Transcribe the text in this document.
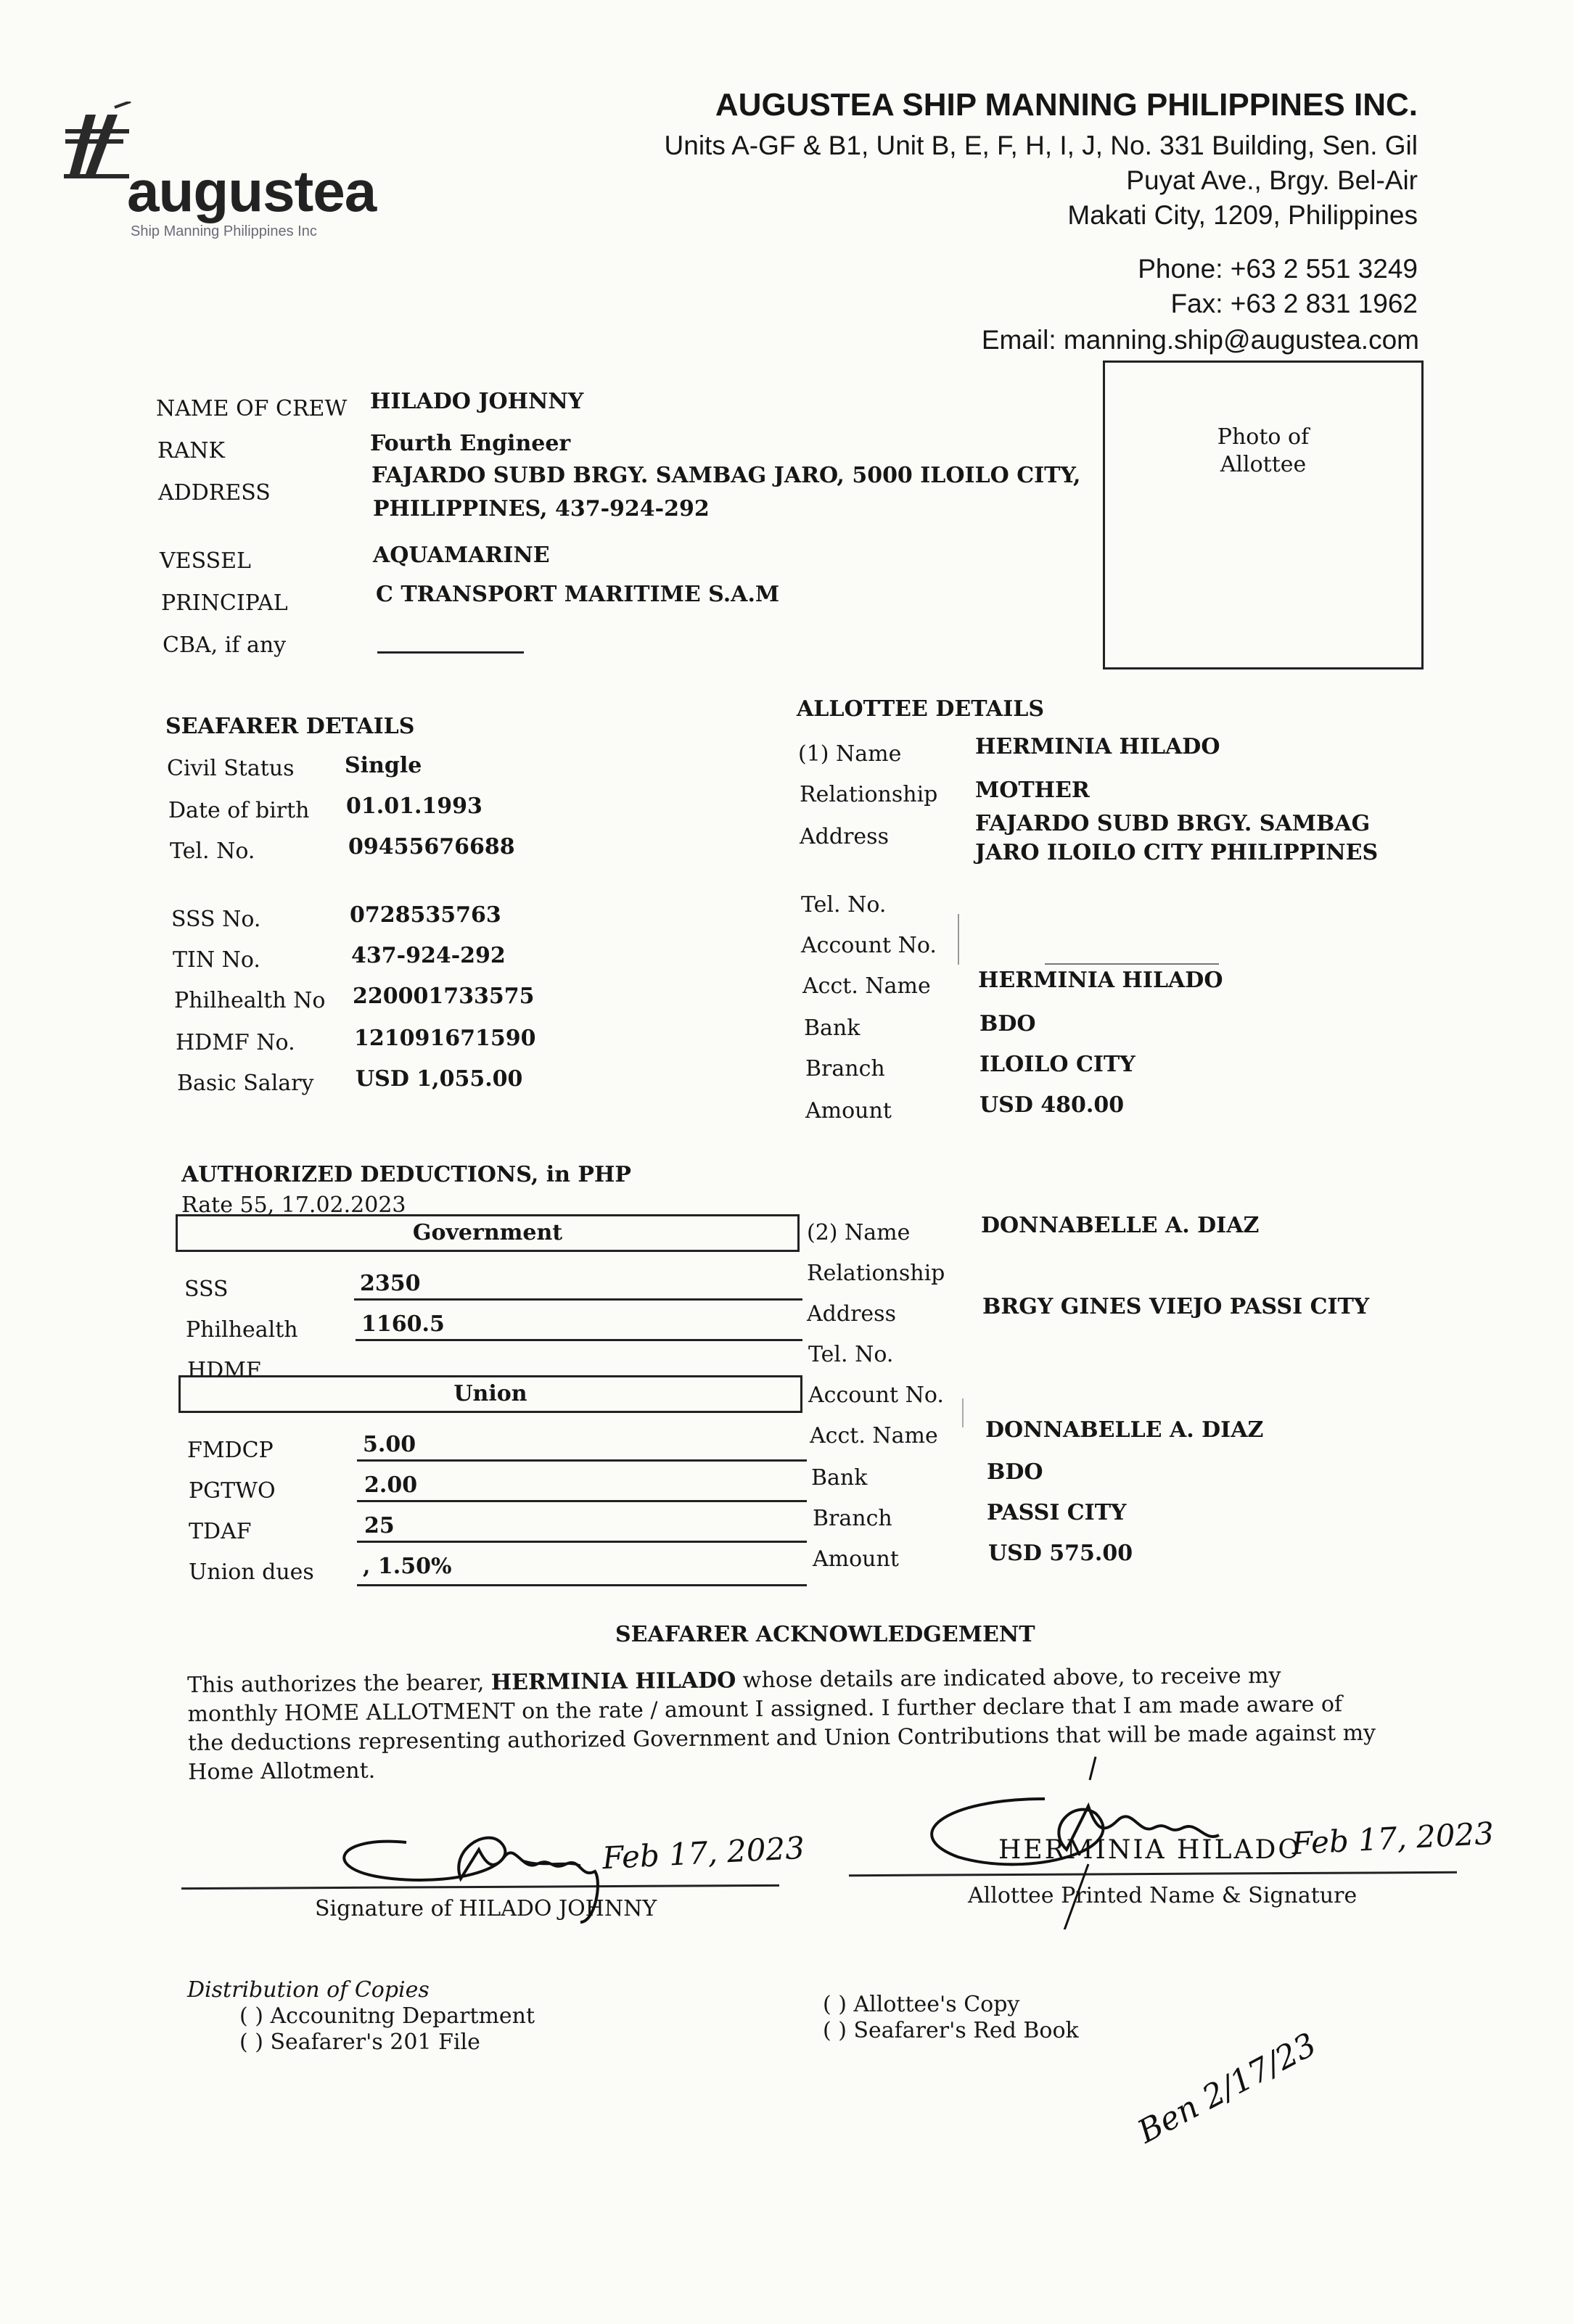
augustea
Ship Manning Philippines Inc
AUGUSTEA SHIP MANNING PHILIPPINES INC.
Units A-GF & B1, Unit B, E, F, H, I, J, No. 331 Building, Sen. Gil
Puyat Ave., Brgy. Bel-Air
Makati City, 1209, Philippines
Phone: +63 2 551 3249
Fax: +63 2 831 1962
Email: manning.ship@augustea.com
NAME OF CREW HILADO JOHNNY
RANK	Fourth Engineer
ADDRESS
FAJARDO SUBD BRGY. SAMBAG JARO, 5000 ILOILO CITY,
PHILIPPINES, 437-924-292
VESSEL	AQUAMARINE
PRINCIPAL	C TRANSPORT MARITIME S.A.M
CBA, if any
Photo of
Allottee
SEAFARER DETAILS
Civil Status Single
Date of birth 01.01.1993
Tel. No.	09455676688
SSS No.	0728535763
TIN No.	437-924-292
Philhealth No 220001733575
HDMF No.	121091671590
Basic Salary USD 1,055.00
ALLOTTEE DETAILS
(1) Name	HERMINIA HILADO
Relationship MOTHER
Address
FAJARDO SUBD BRGY. SAMBAG
JARO ILOILO CITY PHILIPPINES
Tel. No.
Account No.
Acct. Name HERMINIA HILADO
Bank	BDO
Branch	ILOILO CITY
Amount	USD 480.00
AUTHORIZED DEDUCTIONS, in PHP
Rate 55, 17.02.2023
Government
SSS	2350
Philhealth	1160.5
HDMF
Union
FMDCP	5.00
PGTWO	2.00
TDAF	25
Union dues , 1.50%
(2) Name	DONNABELLE A. DIAZ
Relationship
Address	BRGY GINES VIEJO PASSI CITY
Tel. No.
Account No.
Acct. Name DONNABELLE A. DIAZ
Bank	BDO
Branch	PASSI CITY
Amount	USD 575.00
SEAFARER ACKNOWLEDGEMENT
This authorizes the bearer, HERMINIA HILADO whose details are indicated above, to receive my monthly HOME ALLOTMENT on the rate / amount I assigned. I further declare that I am made aware of the deductions representing authorized Government and Union Contributions that will be made against my Home Allotment.
Signature of HILADO JOHNNY
Feb 17, 2023
Allottee Printed Name & Signature
HERMINIA HILADO
Feb 17, 2023
Distribution of Copies
( ) Accounitng Department
( ) Seafarer's 201 File
( ) Allottee's Copy
( ) Seafarer's Red Book Ben 2/17/23
